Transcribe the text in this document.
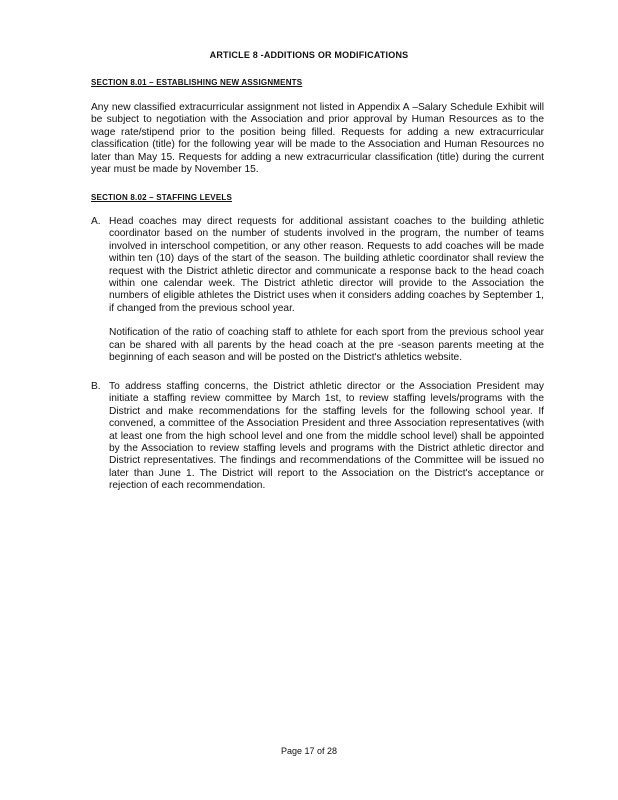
ARTICLE 8 -ADDITIONS OR MODIFICATIONS
SECTION 8.01 – ESTABLISHING NEW ASSIGNMENTS

Any new classified extracurricular assignment not listed in Appendix A –Salary Schedule Exhibit will be subject to negotiation with the Association and prior approval by Human Resources as to the wage rate/stipend prior to the position being filled. Requests for adding a new extracurricular classification (title) for the following year will be made to the Association and Human Resources no later than May 15. Requests for adding a new extracurricular classification (title) during the current year must be made by November 15.

SECTION 8.02 – STAFFING LEVELS
A. Head coaches may direct requests for additional assistant coaches to the building athletic coordinator based on the number of students involved in the program, the number of teams involved in interschool competition, or any other reason. Requests to add coaches will be made within ten (10) days of the start of the season. The building athletic coordinator shall review the request with the District athletic director and communicate a response back to the head coach within one calendar week. The District athletic director will provide to the Association the numbers of eligible athletes the District uses when it considers adding coaches by September 1, if changed from the previous school year.

Notification of the ratio of coaching staff to athlete for each sport from the previous school year can be shared with all parents by the head coach at the pre -season parents meeting at the beginning of each season and will be posted on the District's athletics website.

B. To address staffing concerns, the District athletic director or the Association President may initiate a staffing review committee by March 1st, to review staffing levels/programs with the District and make recommendations for the staffing levels for the following school year. If convened, a committee of the Association President and three Association representatives (with at least one from the high school level and one from the middle school level) shall be appointed by the Association to review staffing levels and programs with the District athletic director and District representatives. The findings and recommendations of the Committee will be issued no later than June 1. The District will report to the Association on the District's acceptance or rejection of each recommendation.

Page 17 of 28
